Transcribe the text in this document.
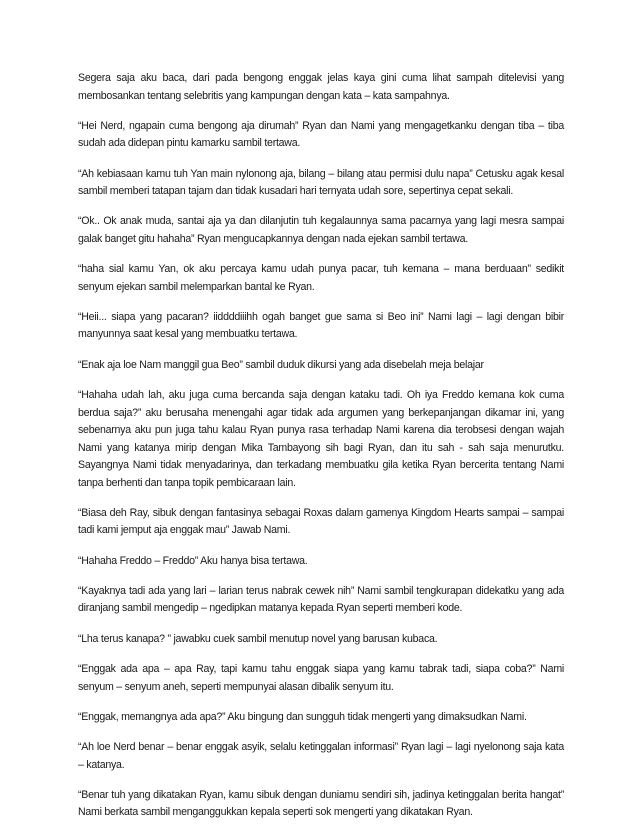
Segera saja aku baca, dari pada bengong enggak jelas kaya gini cuma lihat sampah ditelevisi yang membosankan tentang selebritis yang kampungan dengan kata – kata sampahnya.

“Hei Nerd, ngapain cuma bengong aja dirumah” Ryan dan Nami yang mengagetkanku dengan tiba – tiba sudah ada didepan pintu kamarku sambil tertawa.

“Ah kebiasaan kamu tuh Yan main nylonong aja, bilang – bilang atau permisi dulu napa” Cetusku agak kesal sambil memberi tatapan tajam dan tidak kusadari hari ternyata udah sore, sepertinya cepat sekali.

“Ok.. Ok anak muda, santai aja ya dan dilanjutin tuh kegalaunnya sama pacarnya yang lagi mesra sampai galak banget gitu hahaha” Ryan mengucapkannya dengan nada ejekan sambil tertawa.

“haha sial kamu Yan, ok aku percaya kamu udah punya pacar, tuh kemana – mana berduaan” sedikit senyum ejekan sambil melemparkan bantal ke Ryan.

“Heii... siapa yang pacaran? iiddddiiihh ogah banget gue sama si Beo ini” Nami lagi – lagi dengan bibir manyunnya saat kesal yang membuatku tertawa.

“Enak aja loe Nam manggil gua Beo” sambil duduk dikursi yang ada disebelah meja belajar

“Hahaha udah lah, aku juga cuma bercanda saja dengan kataku tadi. Oh iya Freddo kemana kok cuma berdua saja?” aku berusaha menengahi agar tidak ada argumen yang berkepanjangan dikamar ini, yang sebenarnya aku pun juga tahu kalau Ryan punya rasa terhadap Nami karena dia terobsesi dengan wajah Nami yang katanya mirip dengan Mika Tambayong sih bagi Ryan, dan itu sah - sah saja menurutku. Sayangnya Nami tidak menyadarinya, dan terkadang membuatku gila ketika Ryan bercerita tentang Nami tanpa berhenti dan tanpa topik pembicaraan lain.

“Biasa deh Ray, sibuk dengan fantasinya sebagai Roxas dalam gamenya Kingdom Hearts sampai – sampai tadi kami jemput aja enggak mau” Jawab Nami.

“Hahaha Freddo – Freddo” Aku hanya bisa tertawa.

“Kayaknya tadi ada yang lari – larian terus nabrak cewek nih” Nami sambil tengkurapan didekatku yang ada diranjang sambil mengedip – ngedipkan matanya kepada Ryan seperti memberi kode.

“Lha terus kanapa? ” jawabku cuek sambil menutup novel yang barusan kubaca.

“Enggak ada apa – apa Ray, tapi kamu tahu enggak siapa yang kamu tabrak tadi, siapa coba?” Nami senyum – senyum aneh, seperti mempunyai alasan dibalik senyum itu.

“Enggak, memangnya ada apa?” Aku bingung dan sungguh tidak mengerti yang dimaksudkan Nami.

“Ah loe Nerd benar – benar enggak asyik, selalu ketinggalan informasi” Ryan lagi – lagi nyelonong saja kata – katanya.

“Benar tuh yang dikatakan Ryan, kamu sibuk dengan duniamu sendiri sih, jadinya ketinggalan berita hangat” Nami berkata sambil menganggukkan kepala seperti sok mengerti yang dikatakan Ryan.
